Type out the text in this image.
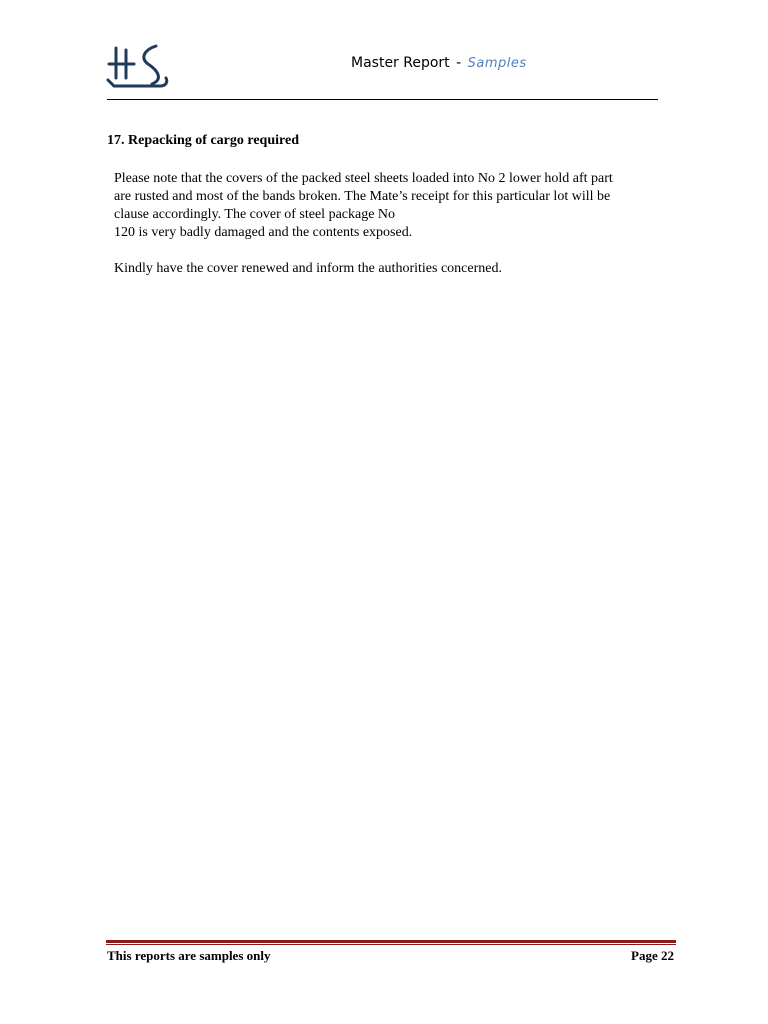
Master Report - Samples
17. Repacking of cargo required

Please note that the covers of the packed steel sheets loaded into No 2 lower hold aft part

are rusted and most of the bands broken. The Mate’s receipt for this particular lot will be

clause accordingly. The cover of steel package No

120 is very badly damaged and the contents exposed.

Kindly have the cover renewed and inform the authorities concerned.

This reports are samples only	Page 22
